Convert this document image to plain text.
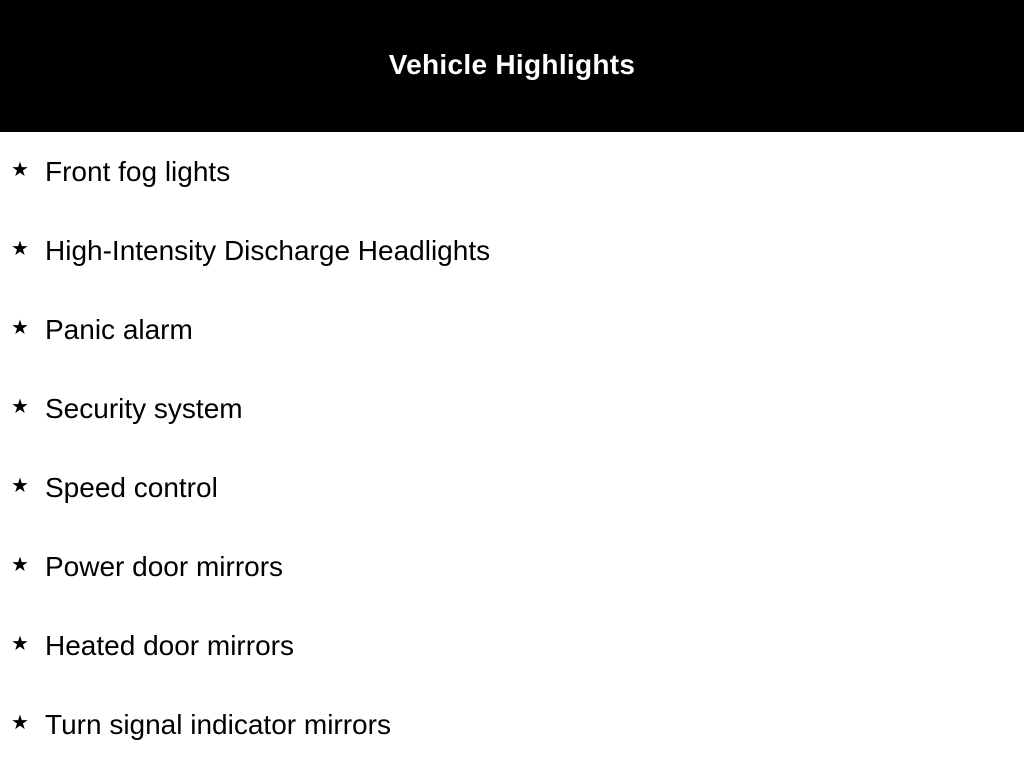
Vehicle Highlights
★ Front fog lights
★ High-Intensity Discharge Headlights
★ Panic alarm
★ Security system
★ Speed control
★ Power door mirrors
★ Heated door mirrors
★ Turn signal indicator mirrors
